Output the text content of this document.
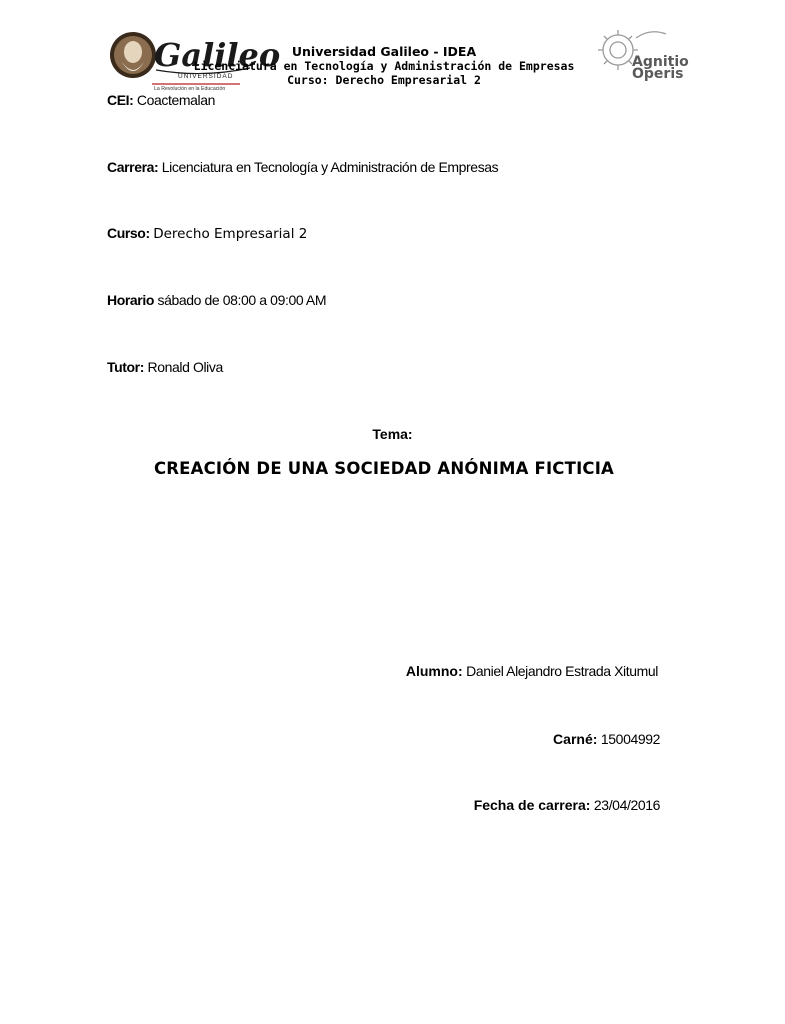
Galileo
UNIVERSIDAD
La Revolución en la Educación
Agnitio
Operis
Universidad Galileo - IDEA
Licenciatura en Tecnología y Administración de Empresas
Curso: Derecho Empresarial 2
CEI: Coactemalan
Carrera: Licenciatura en Tecnología y Administración de Empresas
Curso: Derecho Empresarial 2
Horario sábado de 08:00 a 09:00 AM
Tutor: Ronald Oliva
Tema:
CREACIÓN DE UNA SOCIEDAD ANÓNIMA FICTICIA
Alumno: Daniel Alejandro Estrada Xitumul
Carné: 15004992
Fecha de carrera: 23/04/2016
